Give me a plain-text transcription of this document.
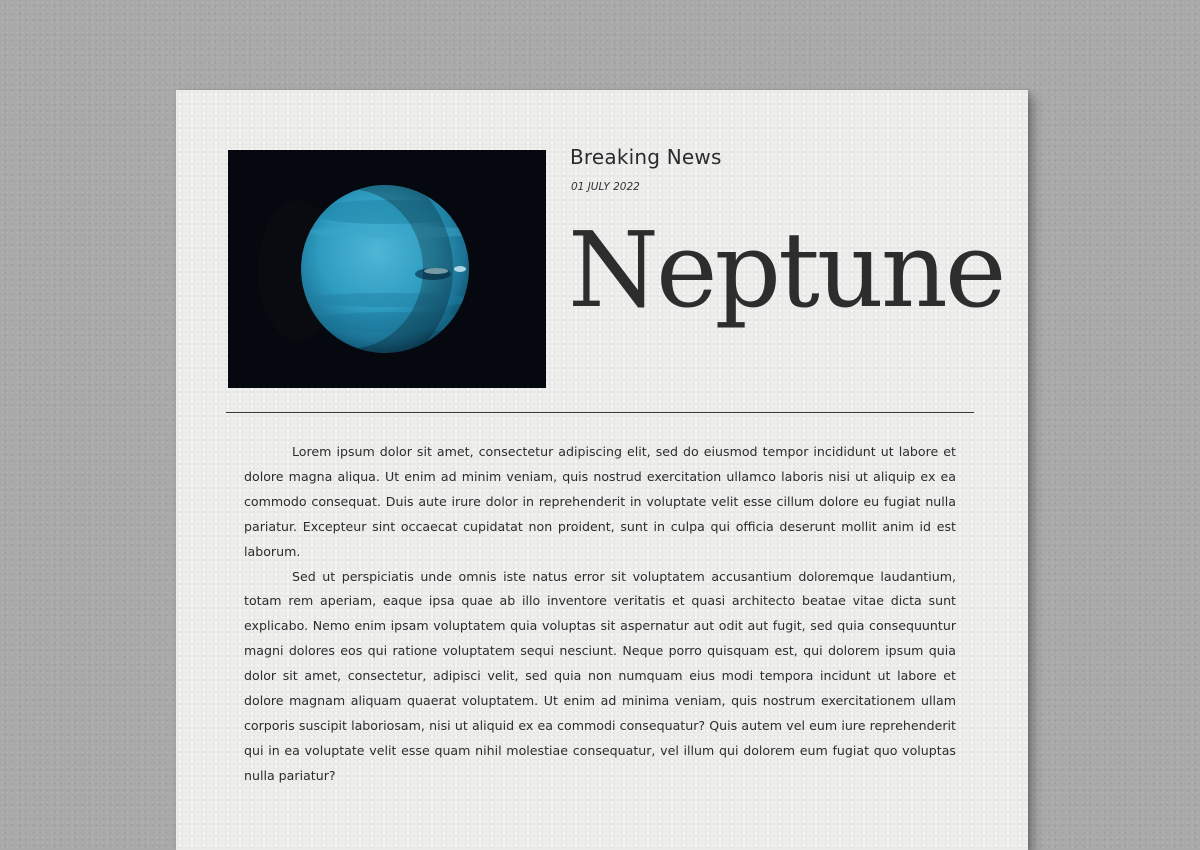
Breaking News
01 JULY 2022
Neptune

Lorem ipsum dolor sit amet, consectetur adipiscing elit, sed do eiusmod tempor incididunt ut labore et dolore magna aliqua. Ut enim ad minim veniam, quis nostrud exercitation ullamco laboris nisi ut aliquip ex ea commodo consequat. Duis aute irure dolor in reprehenderit in voluptate velit esse cillum dolore eu fugiat nulla pariatur. Excepteur sint occaecat cupidatat non proident, sunt in culpa qui officia deserunt mollit anim id est laborum.

Sed ut perspiciatis unde omnis iste natus error sit voluptatem accusantium doloremque laudantium, totam rem aperiam, eaque ipsa quae ab illo inventore veritatis et quasi architecto beatae vitae dicta sunt explicabo. Nemo enim ipsam voluptatem quia voluptas sit aspernatur aut odit aut fugit, sed quia consequuntur magni dolores eos qui ratione voluptatem sequi nesciunt. Neque porro quisquam est, qui dolorem ipsum quia dolor sit amet, consectetur, adipisci velit, sed quia non numquam eius modi tempora incidunt ut labore et dolore magnam aliquam quaerat voluptatem. Ut enim ad minima veniam, quis nostrum exercitationem ullam corporis suscipit laboriosam, nisi ut aliquid ex ea commodi consequatur? Quis autem vel eum iure reprehenderit qui in ea voluptate velit esse quam nihil molestiae consequatur, vel illum qui dolorem eum fugiat quo voluptas nulla pariatur?
